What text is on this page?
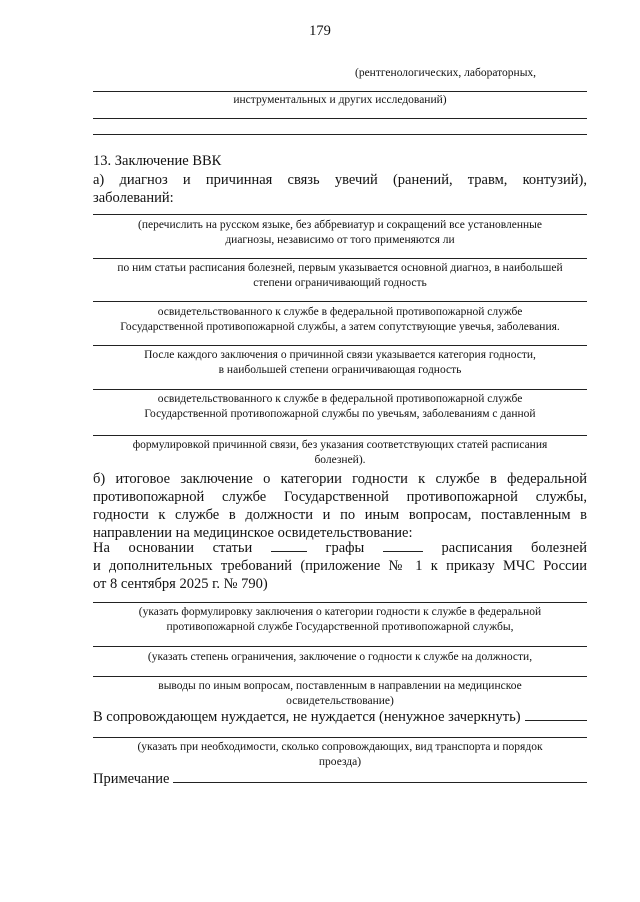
179
(рентгенологических, лабораторных,
инструментальных и других исследований)
13. Заключение ВВК
а) диагноз и причинная связь увечий (ранений, травм, контузий),
заболеваний:
(перечислить на русском языке, без аббревиатур и сокращений все установленные
диагнозы, независимо от того применяются ли
по ним статьи расписания болезней, первым указывается основной диагноз, в наибольшей
степени ограничивающий годность
освидетельствованного к службе в федеральной противопожарной службе
Государственной противопожарной службы, а затем сопутствующие увечья, заболевания.
После каждого заключения о причинной связи указывается категория годности,
в наибольшей степени ограничивающая годность
освидетельствованного к службе в федеральной противопожарной службе
Государственной противопожарной службы по увечьям, заболеваниям с данной
формулировкой причинной связи, без указания соответствующих статей расписания
болезней).
б) итоговое заключение о категории годности к службе в федеральной
противопожарной службе Государственной противопожарной службы,
годности к службе в должности и по иным вопросам, поставленным в
направлении на медицинское освидетельствование:
На основании статьи	графы	расписания болезней
и дополнительных требований (приложение № 1 к приказу МЧС России
от 8 сентября 2025 г. № 790)
(указать формулировку заключения о категории годности к службе в федеральной
противопожарной службе Государственной противопожарной службы,
(указать степень ограничения, заключение о годности к службе на должности,
выводы по иным вопросам, поставленным в направлении на медицинское
освидетельствование)
В сопровождающем нуждается, не нуждается (ненужное зачеркнуть)
(указать при необходимости, сколько сопровождающих, вид транспорта и порядок
проезда)
Примечание
